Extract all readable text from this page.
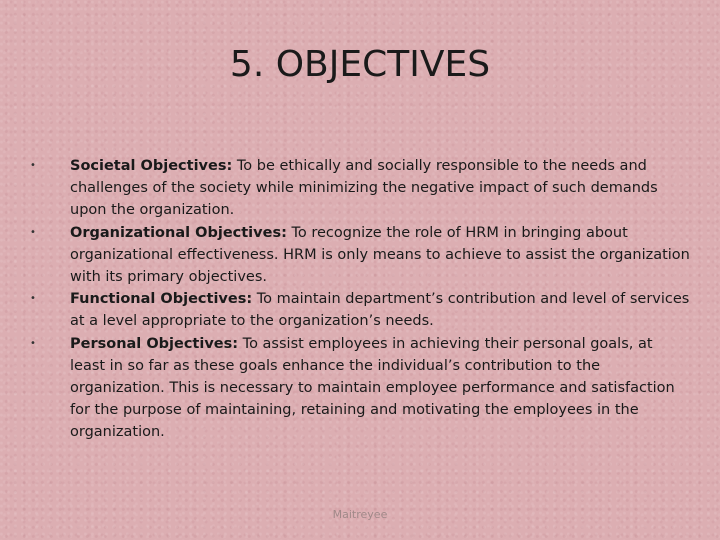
5. OBJECTIVES
• Societal Objectives: To be ethically and socially responsible to the needs and challenges of the society while minimizing the negative impact of such demands upon the organization.
• Organizational Objectives: To recognize the role of HRM in bringing about organizational effectiveness. HRM is only means to achieve to assist the organization with its primary objectives.
• Functional Objectives: To maintain department’s contribution and level of services at a level appropriate to the organization’s needs.
• Personal Objectives: To assist employees in achieving their personal goals, at least in so far as these goals enhance the individual’s contribution to the organization. This is necessary to maintain employee performance and satisfaction for the purpose of maintaining, retaining and motivating the employees in the organization.
Maitreyee
